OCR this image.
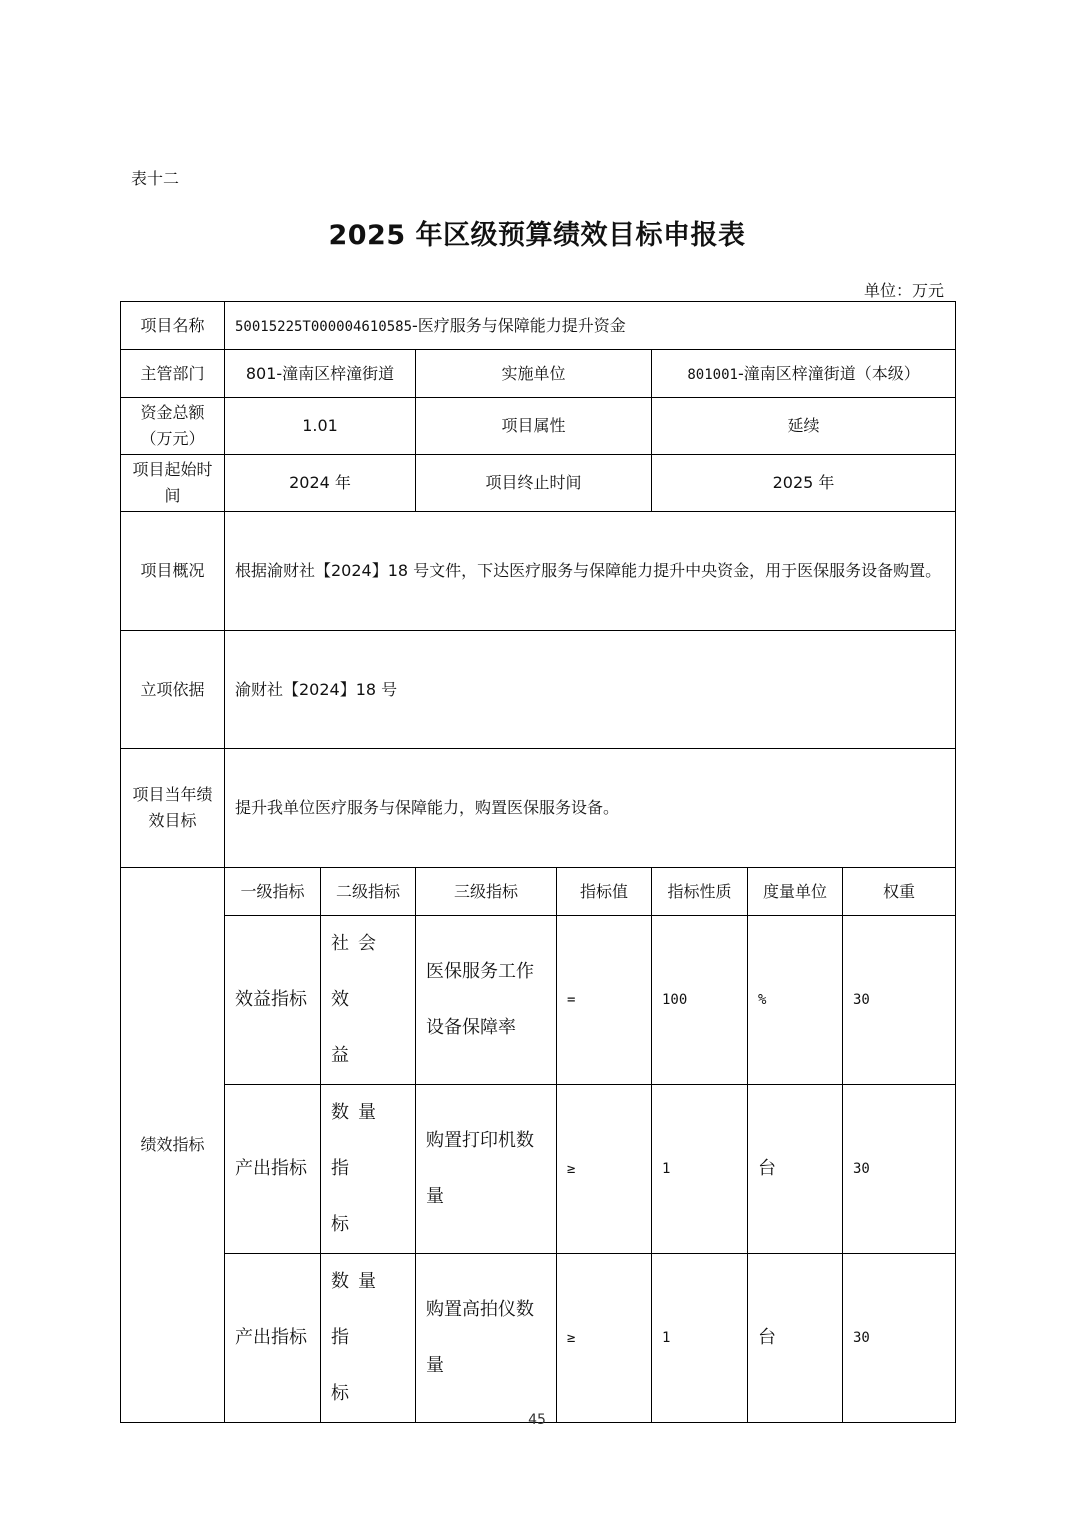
表十二
2025 年区级预算绩效目标申报表
单位：万元
项目名称	50015225T000004610585-医疗服务与保障能力提升资金						
主管部门	801-潼南区梓潼街道		实施单位		801001-潼南区梓潼街道（本级）		
资金总额
（万元）	1.01		项目属性		延续		
项目起始时
间	2024 年		项目终止时间		2025 年		
项目概况	根据渝财社【2024】18 号文件，下达医疗服务与保障能力提升中央资金，用于医保服务设备购置。						
立项依据	渝财社【2024】18 号						
项目当年绩
效目标	提升我单位医疗服务与保障能力，购置医保服务设备。						
绩效指标	一级指标	二级指标	三级指标	指标值	指标性质	度量单位	权重
	效益指标	社会效
益	医保服务工作
设备保障率	=	100	%	30
	产出指标	数量指
标	购置打印机数
量	≥	1	台	30
	产出指标	数量指
标	购置高拍仪数
量	≥	1	台	30
45
